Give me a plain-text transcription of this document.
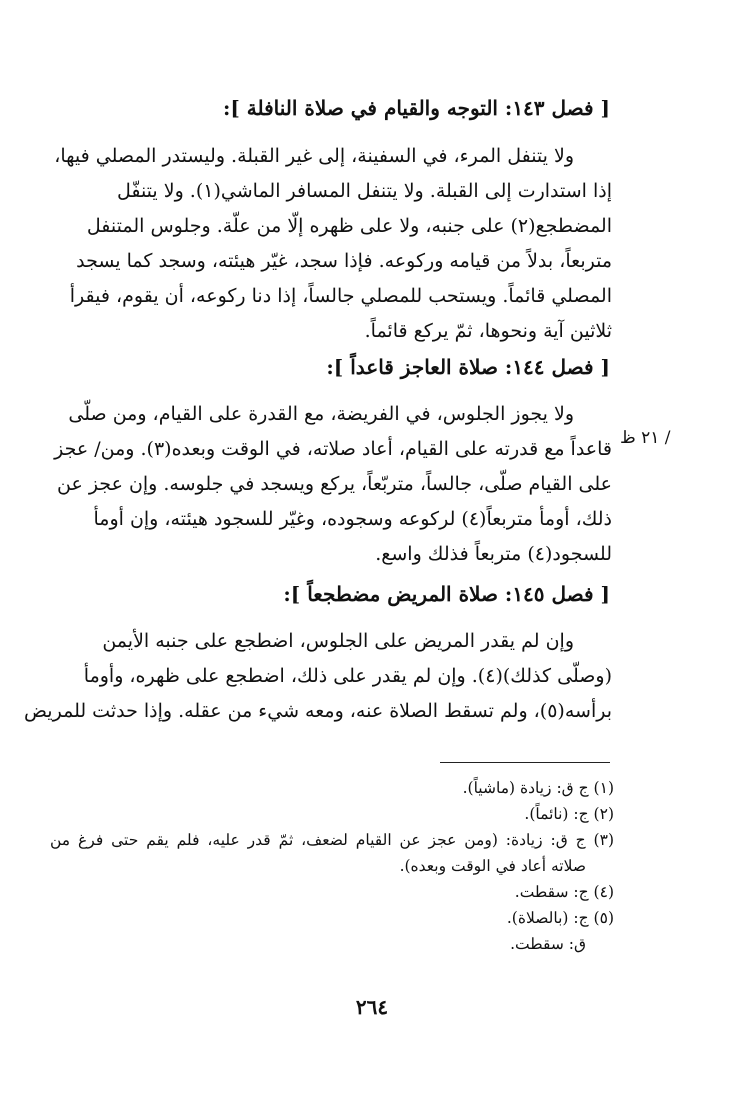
[ فصل ١٤٣: التوجه والقيام في صلاة النافلة ]:
ولا يتنفل المرء، في السفينة، إلى غير القبلة. وليستدر المصلي فيها،
إذا استدارت إلى القبلة. ولا يتنفل المسافر الماشي(١). ولا يتنفّل
المضطجع(٢) على جنبه، ولا على ظهره إلّا من علّة. وجلوس المتنفل
متربعاً، بدلاً من قيامه وركوعه. فإذا سجد، غيّر هيئته، وسجد كما يسجد
المصلي قائماً. ويستحب للمصلي جالساً، إذا دنا ركوعه، أن يقوم، فيقرأ
ثلاثين آية ونحوها، ثمّ يركع قائماً.
[ فصل ١٤٤: صلاة العاجز قاعداً ]:
ولا يجوز الجلوس، في الفريضة، مع القدرة على القيام، ومن صلّى
قاعداً مع قدرته على القيام، أعاد صلاته، في الوقت وبعده(٣). ومن/ عجز
على القيام صلّى، جالساً، متربّعاً، يركع ويسجد في جلوسه. وإن عجز عن
ذلك، أومأ متربعاً(٤) لركوعه وسجوده، وغيّر للسجود هيئته، وإن أومأ
للسجود(٤) متربعاً فذلك واسع.
/ ٢١ ظ
[ فصل ١٤٥: صلاة المريض مضطجعاً ]:
وإن لم يقدر المريض على الجلوس، اضطجع على جنبه الأيمن
(وصلّى كذلك)(٤). وإن لم يقدر على ذلك، اضطجع على ظهره، وأومأ
برأسه(٥)، ولم تسقط الصلاة عنه، ومعه شيء من عقله. وإذا حدثت للمريض
(١) ج ق: زيادة (ماشياً).
(٢) ج: (نائماً).
(٣) ج ق: زيادة: (ومن عجز عن القيام لضعف، ثمّ قدر عليه، فلم يقم حتى فرغ من
صلاته أعاد في الوقت وبعده).
(٤) ج: سقطت.
(٥) ج: (بالصلاة).
ق: سقطت.
٢٦٤
